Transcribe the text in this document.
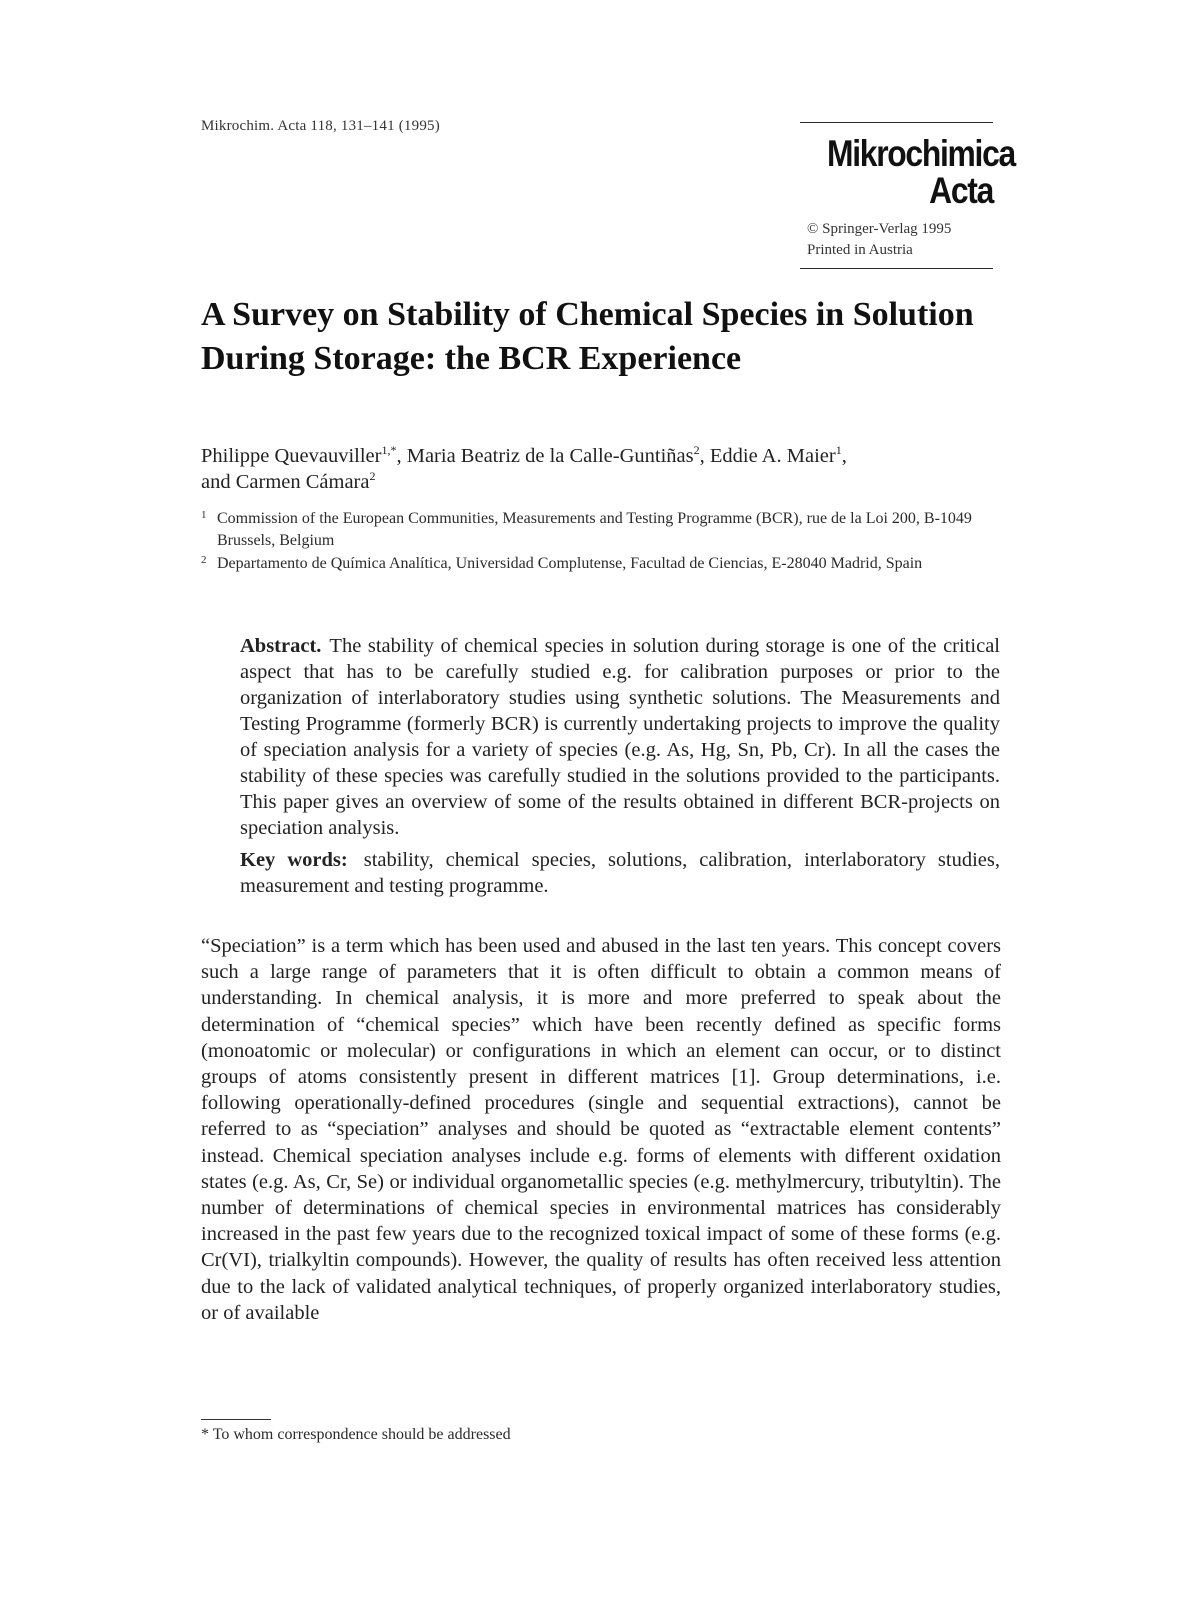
Mikrochim. Acta 118, 131–141 (1995)
Mikrochimica
Acta
© Springer-Verlag 1995
Printed in Austria
A Survey on Stability of Chemical Species in Solution During Storage: the BCR Experience
Philippe Quevauviller$^{1,*}$, Maria Beatriz de la Calle-Guntiñas$^2$, Eddie A. Maier$^1$,
and Carmen Cámara$^2$
1 Commission of the European Communities, Measurements and Testing Programme (BCR), rue de la Loi 200, B-1049 Brussels, Belgium
2 Departamento de Química Analítica, Universidad Complutense, Facultad de Ciencias, E-28040 Madrid, Spain
Abstract. The stability of chemical species in solution during storage is one of the critical aspect that has to be carefully studied e.g. for calibration purposes or prior to the organization of interlaboratory studies using synthetic solutions. The Measurements and Testing Programme (formerly BCR) is currently undertaking projects to improve the quality of speciation analysis for a variety of species (e.g. As, Hg, Sn, Pb, Cr). In all the cases the stability of these species was carefully studied in the solutions provided to the participants. This paper gives an overview of some of the results obtained in different BCR-projects on speciation analysis.
Key words: stability, chemical species, solutions, calibration, interlaboratory studies, measurement and testing programme.
“Speciation” is a term which has been used and abused in the last ten years. This concept covers such a large range of parameters that it is often difficult to obtain a common means of understanding. In chemical analysis, it is more and more preferred to speak about the determination of “chemical species” which have been recently defined as specific forms (monoatomic or molecular) or configurations in which an element can occur, or to distinct groups of atoms consistently present in different matrices [1]. Group determinations, i.e. following operationally-defined procedures (single and sequential extractions), cannot be referred to as “speciation” analyses and should be quoted as “extractable element contents” instead. Chemical speciation analyses include e.g. forms of elements with different oxidation states (e.g. As, Cr, Se) or individual organometallic species (e.g. methylmercury, tributyltin). The number of determinations of chemical species in environmental matrices has considerably increased in the past few years due to the recognized toxical impact of some of these forms (e.g. Cr(VI), trialkyltin compounds). However, the quality of results has often received less attention due to the lack of validated analytical techniques, of properly organized interlaboratory studies, or of available
* To whom correspondence should be addressed
